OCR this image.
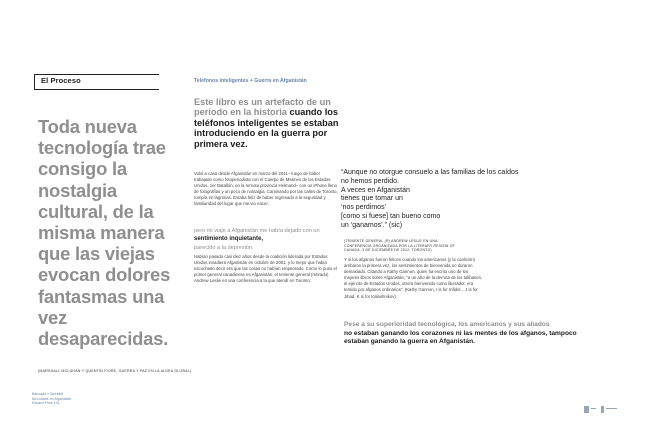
El Proceso
Toda nueva tecnología trae consigo la nostalgia cultural, de la misma manera que las viejas evocan dolores fantasmas una vez desaparecidas.
(MARSHALL MCLUHAN Y QUENTIN FIORE, GUERRA Y PAZ EN LA ALDEA GLOBAL)
Bancada » Worldkit
McLuhans en Afganistán
Eduard Fiore 101
Teléfonos inteligentes + Guerra en Afganistán
Este libro es un artefacto de un período en la historia cuando los teléfonos inteligentes se estaban introduciendo en la guerra por primera vez.
Volví a casa desde Afganistán en marzo del 2011– luego de haber trabajado como fotoperiodista con el Cuerpo de Marines de los Estados Unidos, 1er Batallón, en la remota provincia Helmand– con un iPhone lleno de fotografías y un poco de nostalgia. Caminando por las calles de Toronto, rompía en lágrimas. Estaba feliz de haber regresado a la seguridad y familiaridad del lugar que me vio nacer,
pero mi viaje a Afganistán me había dejado con un sentimiento inquietante,
parecido a la depresión.
Habían pasado casi diez años desde la coalición liderada por Estados Unidos invadiera Afganistán en octubre de 2001, y lo mejor que había escuchado decir era que las cosas no habían empeorado. Como lo puso el primer general canadiense en Afganistán, el teniente general (retirado) Andrew Leslie en una conferencia a la que atendí en Toronto:
“Aunque no otorgue consuelo a las familias de los caídos
no hemos perdido.
A veces en Afganistán
tienes que tomar un
‘nos perdimos’
[como si fuese] tan bueno como
un ‘ganamos’.” (sic)
(TENIENTE GENERAL (R) ANDREW LESLIE EN UNA CONFERENCIA ORGANIZADA POR LA LITERARY REVIEW OF CANADA, 3 DE DICIEMBRE DE 2012, TORONTO)
Y si los afganos fueron felices cuando los americanos (y la coalición) arribaron la primera vez, los sentimientos de bienvenida no duraron demasiado. Citando a Kathy Gannon, quien ha escrito uno de los mejores libros sobre Afganistán, "a un año de la derrota de los talibanes, el ejército de Estados Unidos, otrora bienvenido como liberador, era temido por afganos ordinarios". (Kathy Gannon, I is for Infidel... J is for Jihad, K is for Kalashnikov)
Pese a su superioridad tecnológica, los americanos y sus aliados
no estaban ganando los corazones ni las mentes de los afganos, tampoco estaban ganando la guerra en Afganistán.
